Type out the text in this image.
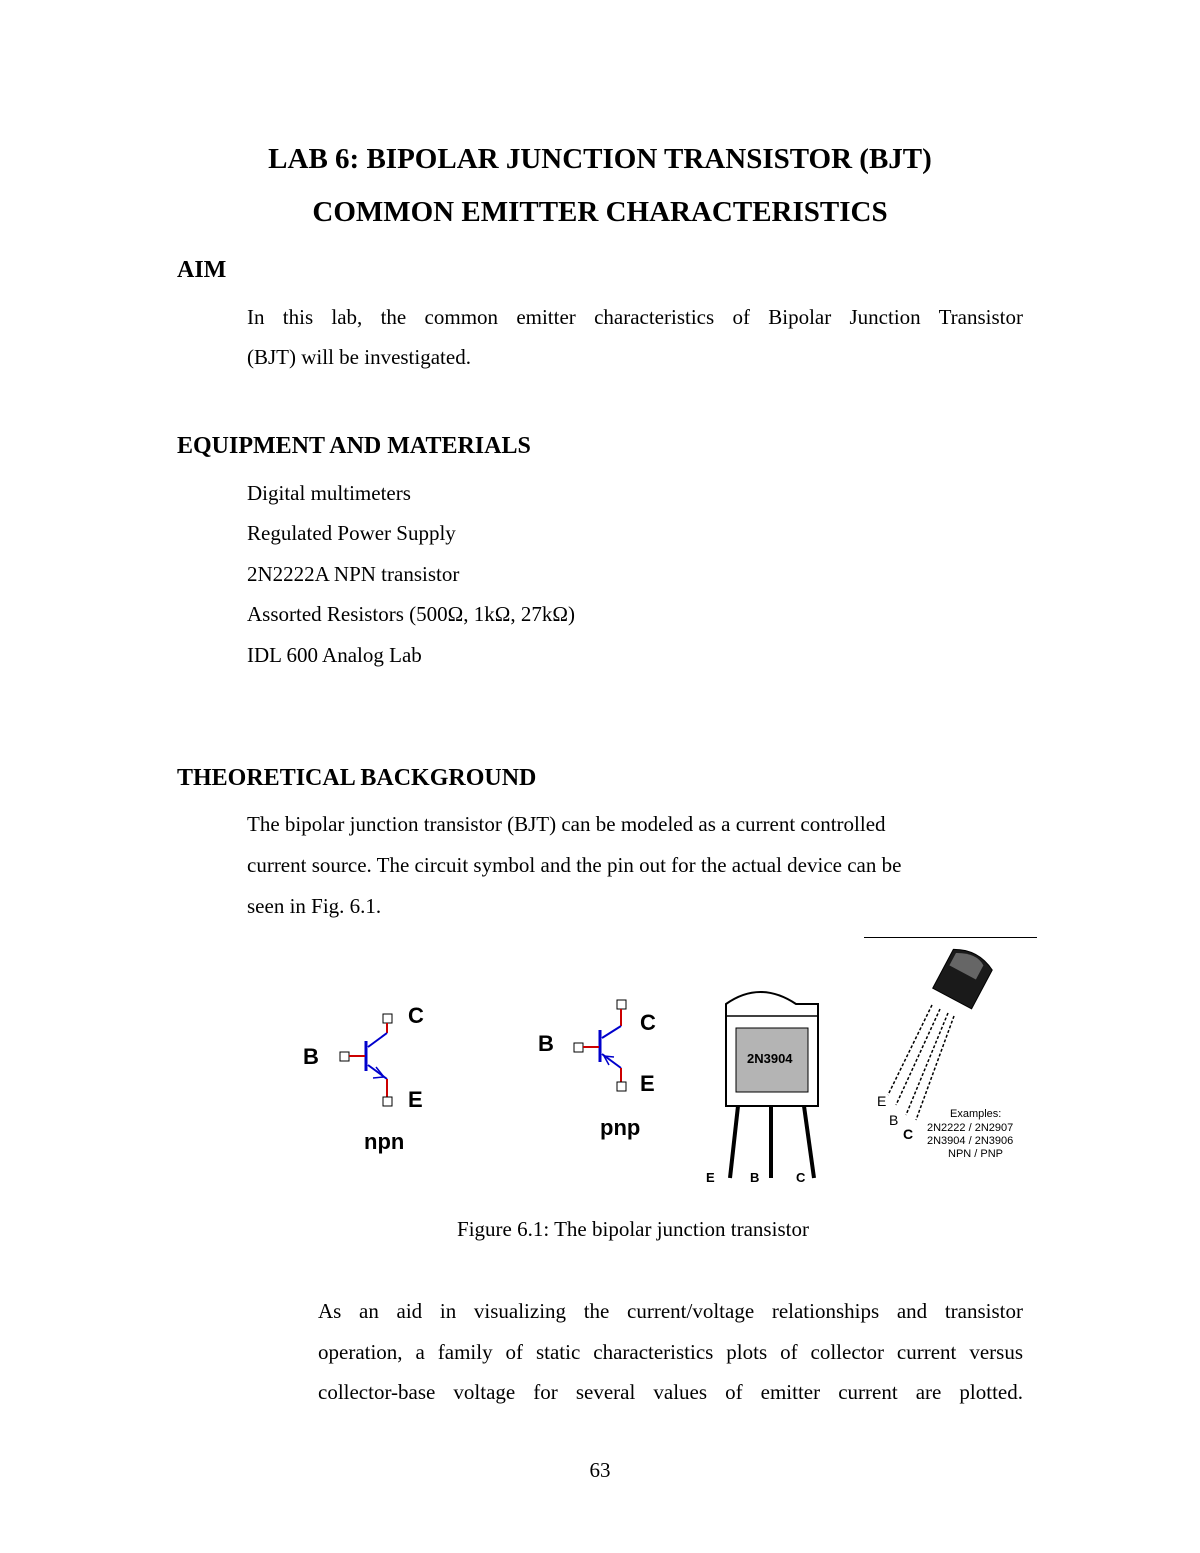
LAB 6: BIPOLAR JUNCTION TRANSISTOR (BJT)
COMMON EMITTER CHARACTERISTICS
AIM
In this lab, the common emitter characteristics of Bipolar Junction Transistor
(BJT) will be investigated.
EQUIPMENT AND MATERIALS
Digital multimeters
Regulated Power Supply
2N2222A NPN transistor
Assorted Resistors (500Ω, 1kΩ, 27kΩ)
IDL 600 Analog Lab
THEORETICAL BACKGROUND
The bipolar junction transistor (BJT) can be modeled as a current controlled
current source. The circuit symbol and the pin out for the actual device can be
seen in Fig. 6.1.
C
B
E
npn
C
B
E
pnp
2N3904
E	B	C
E
B
C
Examples:
2N2222 / 2N2907
2N3904 / 2N3906
NPN / PNP
Figure 6.1: The bipolar junction transistor
As an aid in visualizing the current/voltage relationships and transistor
operation, a family of static characteristics plots of collector current versus
collector-base voltage for several values of emitter current are plotted.
63
